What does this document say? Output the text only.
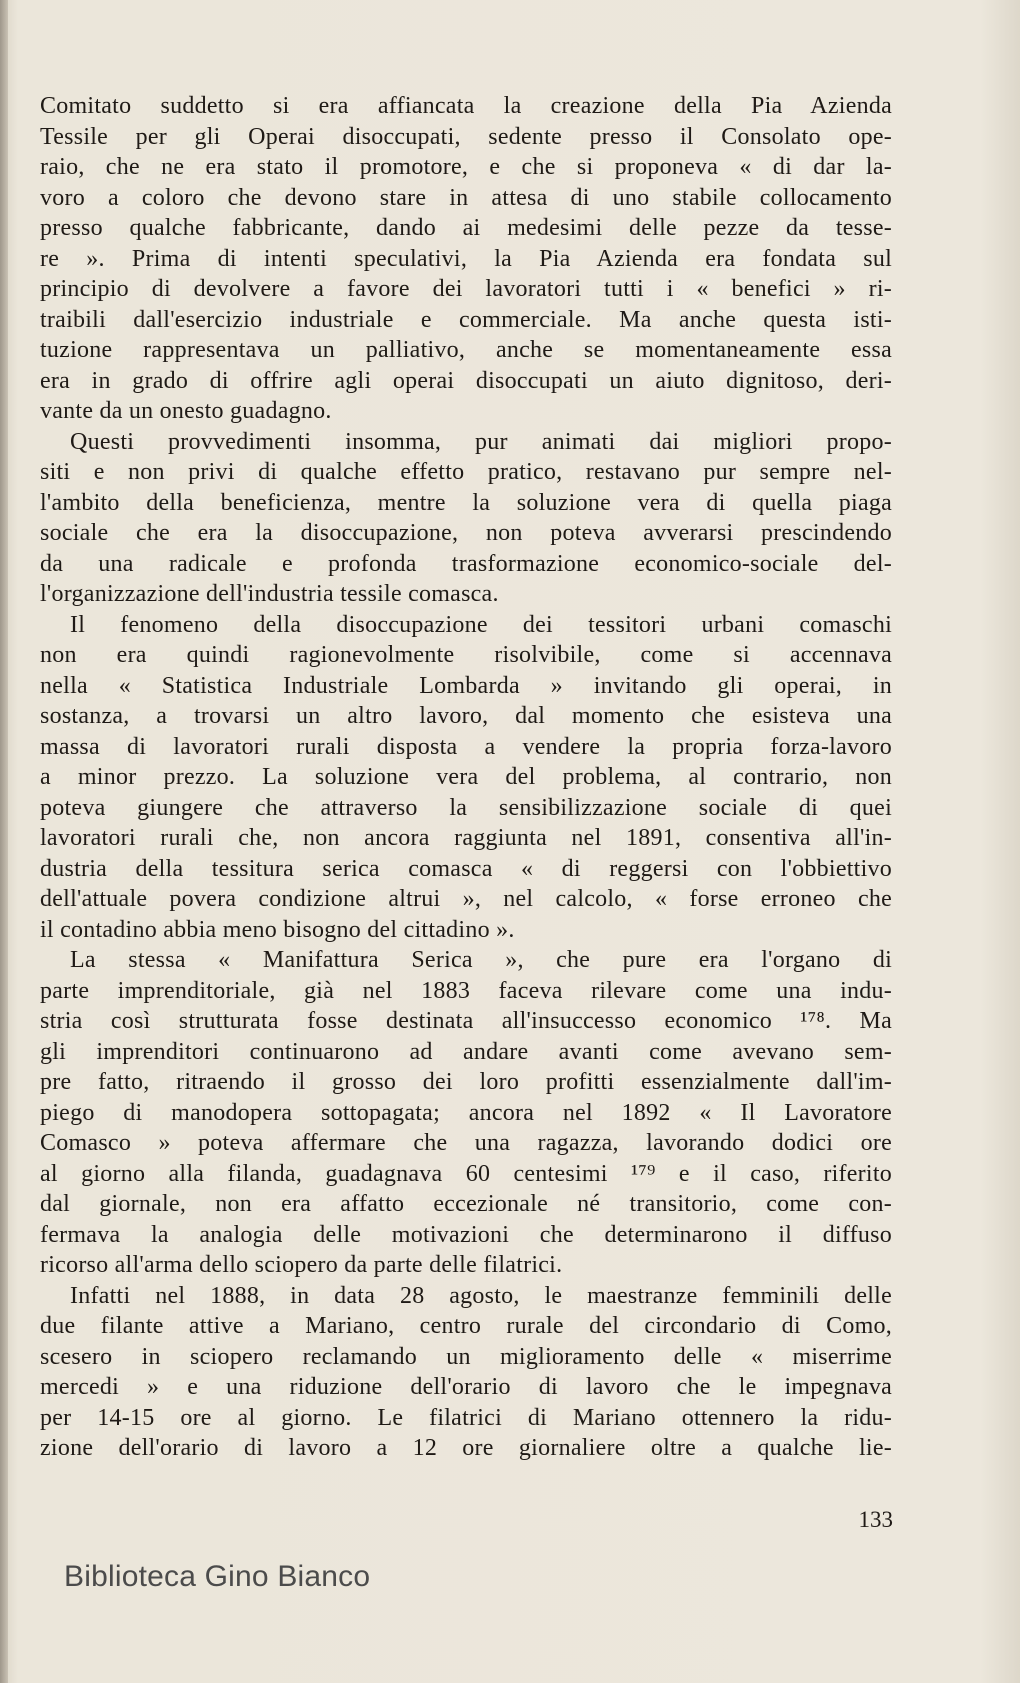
Comitato suddetto si era affiancata la creazione della Pia Azienda
Tessile per gli Operai disoccupati, sedente presso il Consolato ope-
raio, che ne era stato il promotore, e che si proponeva « di dar la-
voro a coloro che devono stare in attesa di uno stabile collocamento
presso qualche fabbricante, dando ai medesimi delle pezze da tesse-
re ». Prima di intenti speculativi, la Pia Azienda era fondata sul
principio di devolvere a favore dei lavoratori tutti i « benefici » ri-
traibili dall'esercizio industriale e commerciale. Ma anche questa isti-
tuzione rappresentava un palliativo, anche se momentaneamente essa
era in grado di offrire agli operai disoccupati un aiuto dignitoso, deri-
vante da un onesto guadagno.

Questi provvedimenti insomma, pur animati dai migliori propo-
siti e non privi di qualche effetto pratico, restavano pur sempre nel-
l'ambito della beneficienza, mentre la soluzione vera di quella piaga
sociale che era la disoccupazione, non poteva avverarsi prescindendo
da una radicale e profonda trasformazione economico-sociale del-
l'organizzazione dell'industria tessile comasca.

Il fenomeno della disoccupazione dei tessitori urbani comaschi
non era quindi ragionevolmente risolvibile, come si accennava
nella « Statistica Industriale Lombarda » invitando gli operai, in
sostanza, a trovarsi un altro lavoro, dal momento che esisteva una
massa di lavoratori rurali disposta a vendere la propria forza-lavoro
a minor prezzo. La soluzione vera del problema, al contrario, non
poteva giungere che attraverso la sensibilizzazione sociale di quei
lavoratori rurali che, non ancora raggiunta nel 1891, consentiva all'in-
dustria della tessitura serica comasca « di reggersi con l'obbiettivo
dell'attuale povera condizione altrui », nel calcolo, « forse erroneo che
il contadino abbia meno bisogno del cittadino ».

La stessa « Manifattura Serica », che pure era l'organo di
parte imprenditoriale, già nel 1883 faceva rilevare come una indu-
stria così strutturata fosse destinata all'insuccesso economico ¹⁷⁸. Ma
gli imprenditori continuarono ad andare avanti come avevano sem-
pre fatto, ritraendo il grosso dei loro profitti essenzialmente dall'im-
piego di manodopera sottopagata; ancora nel 1892 « Il Lavoratore
Comasco » poteva affermare che una ragazza, lavorando dodici ore
al giorno alla filanda, guadagnava 60 centesimi ¹⁷⁹ e il caso, riferito
dal giornale, non era affatto eccezionale né transitorio, come con-
fermava la analogia delle motivazioni che determinarono il diffuso
ricorso all'arma dello sciopero da parte delle filatrici.

Infatti nel 1888, in data 28 agosto, le maestranze femminili delle
due filante attive a Mariano, centro rurale del circondario di Como,
scesero in sciopero reclamando un miglioramento delle « miserrime
mercedi » e una riduzione dell'orario di lavoro che le impegnava
per 14-15 ore al giorno. Le filatrici di Mariano ottennero la ridu-
zione dell'orario di lavoro a 12 ore giornaliere oltre a qualche lie-

133
Biblioteca Gino Bianco
